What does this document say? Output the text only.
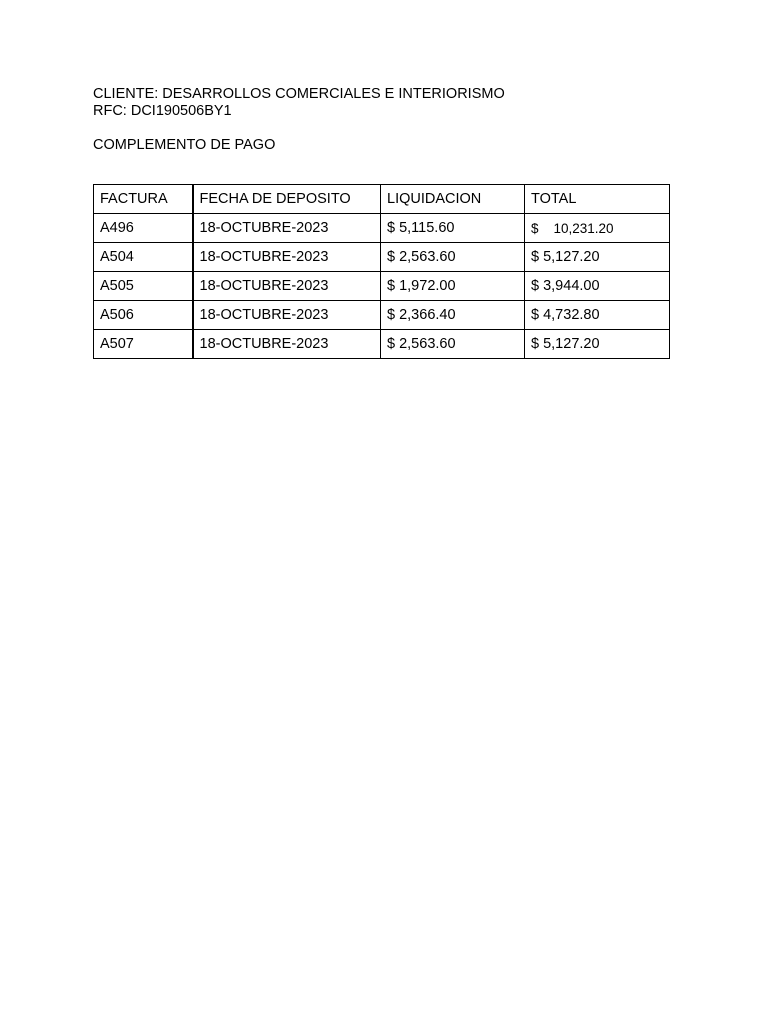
CLIENTE: DESARROLLOS COMERCIALES E INTERIORISMO
RFC: DCI190506BY1
COMPLEMENTO DE PAGO
FACTURA	FECHA DE DEPOSITO	LIQUIDACION	TOTAL
A496	18-OCTUBRE-2023	$ 5,115.60	$    10,231.20
A504	18-OCTUBRE-2023	$ 2,563.60	$ 5,127.20
A505	18-OCTUBRE-2023	$ 1,972.00	$ 3,944.00
A506	18-OCTUBRE-2023	$ 2,366.40	$ 4,732.80
A507	18-OCTUBRE-2023	$ 2,563.60	$ 5,127.20
